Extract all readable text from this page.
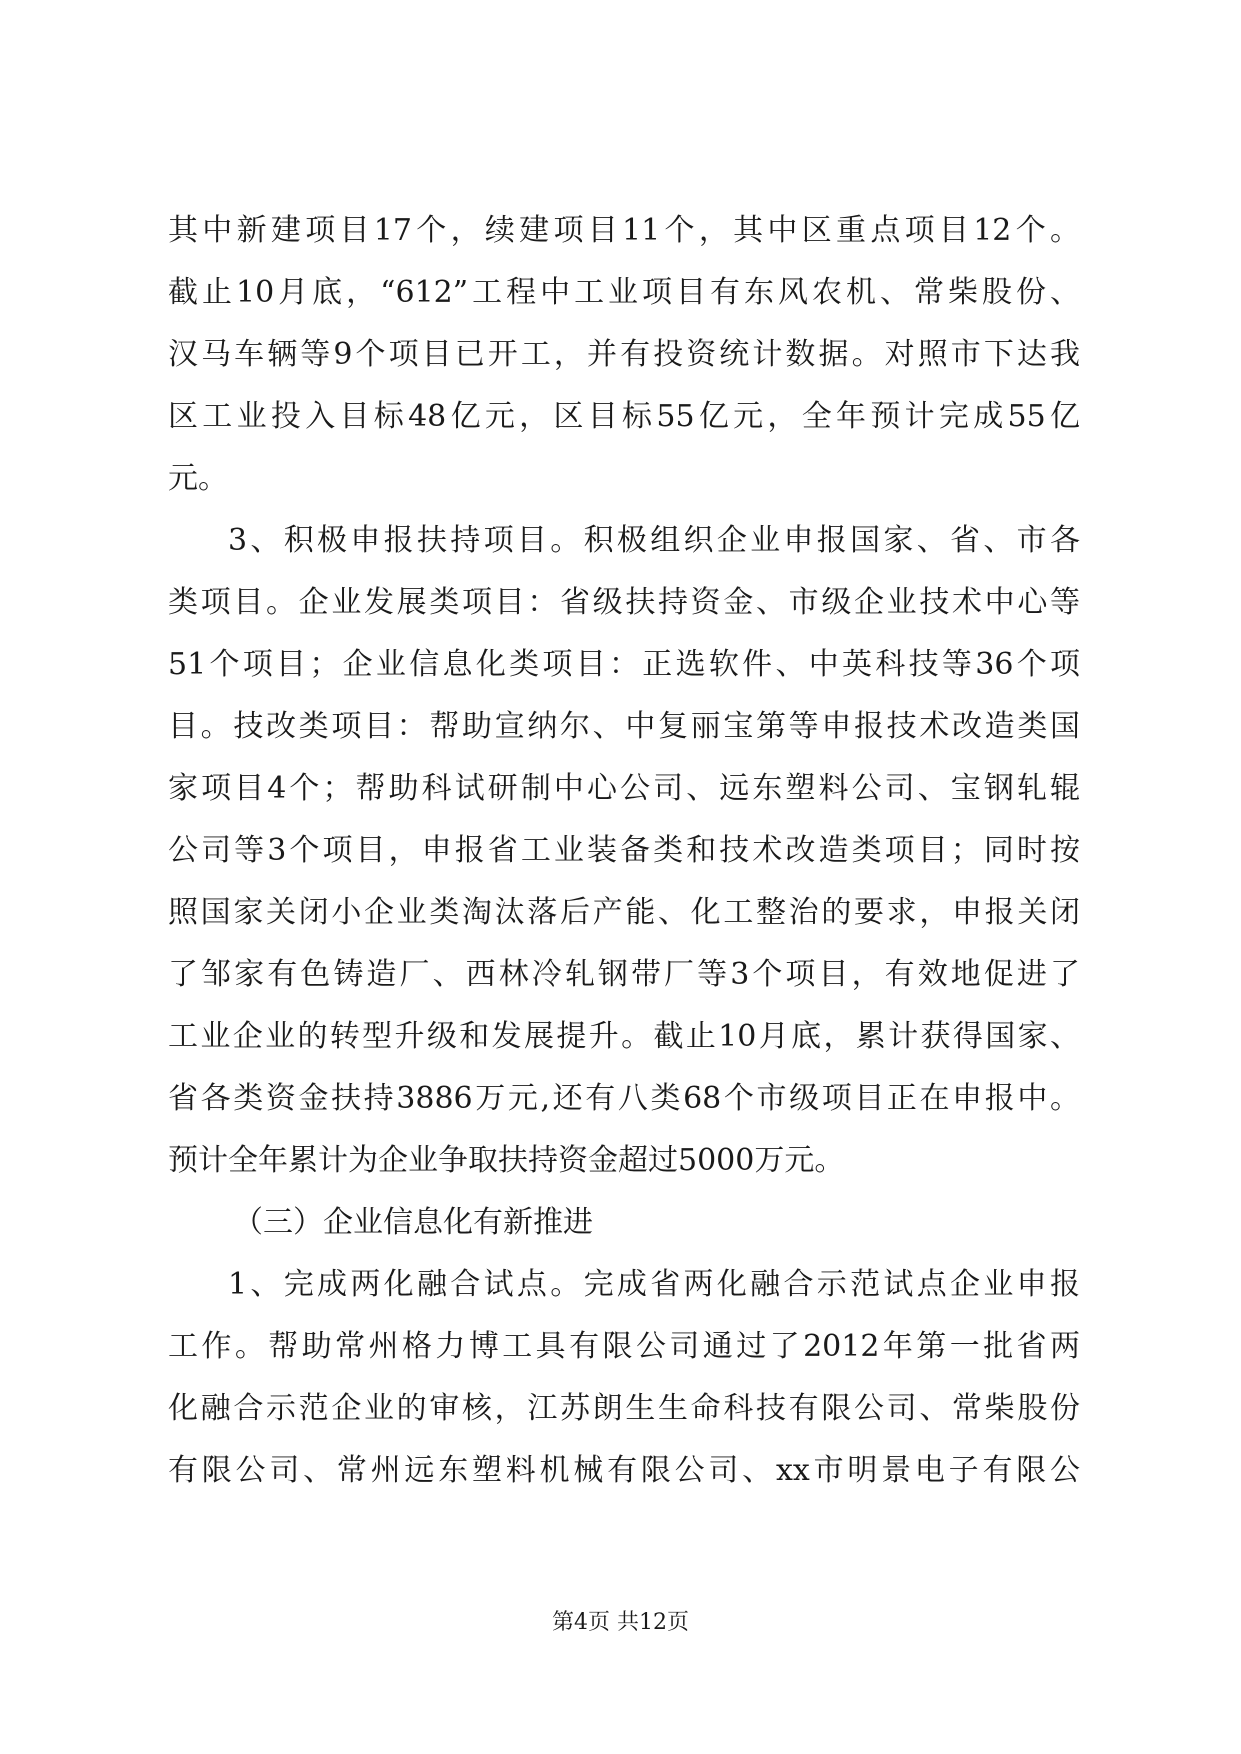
其中新建项目17个，续建项目11个，其中区重点项目12个。
截止10月底，“612”工程中工业项目有东风农机、常柴股份、
汉马车辆等9个项目已开工，并有投资统计数据。对照市下达我
区工业投入目标48亿元，区目标55亿元，全年预计完成55亿
元。
3、积极申报扶持项目。积极组织企业申报国家、省、市各
类项目。企业发展类项目：省级扶持资金、市级企业技术中心等
51个项目；企业信息化类项目：正选软件、中英科技等36个项
目。技改类项目：帮助宣纳尔、中复丽宝第等申报技术改造类国
家项目4个；帮助科试研制中心公司、远东塑料公司、宝钢轧辊
公司等3个项目，申报省工业装备类和技术改造类项目；同时按
照国家关闭小企业类淘汰落后产能、化工整治的要求，申报关闭
了邹家有色铸造厂、西林冷轧钢带厂等3个项目，有效地促进了
工业企业的转型升级和发展提升。截止10月底，累计获得国家、
省各类资金扶持3886万元,还有八类68个市级项目正在申报中。
预计全年累计为企业争取扶持资金超过5000万元。
（三）企业信息化有新推进
1、完成两化融合试点。完成省两化融合示范试点企业申报
工作。帮助常州格力博工具有限公司通过了2012年第一批省两
化融合示范企业的审核，江苏朗生生命科技有限公司、常柴股份
有限公司、常州远东塑料机械有限公司、xx市明景电子有限公
第4页 共12页
